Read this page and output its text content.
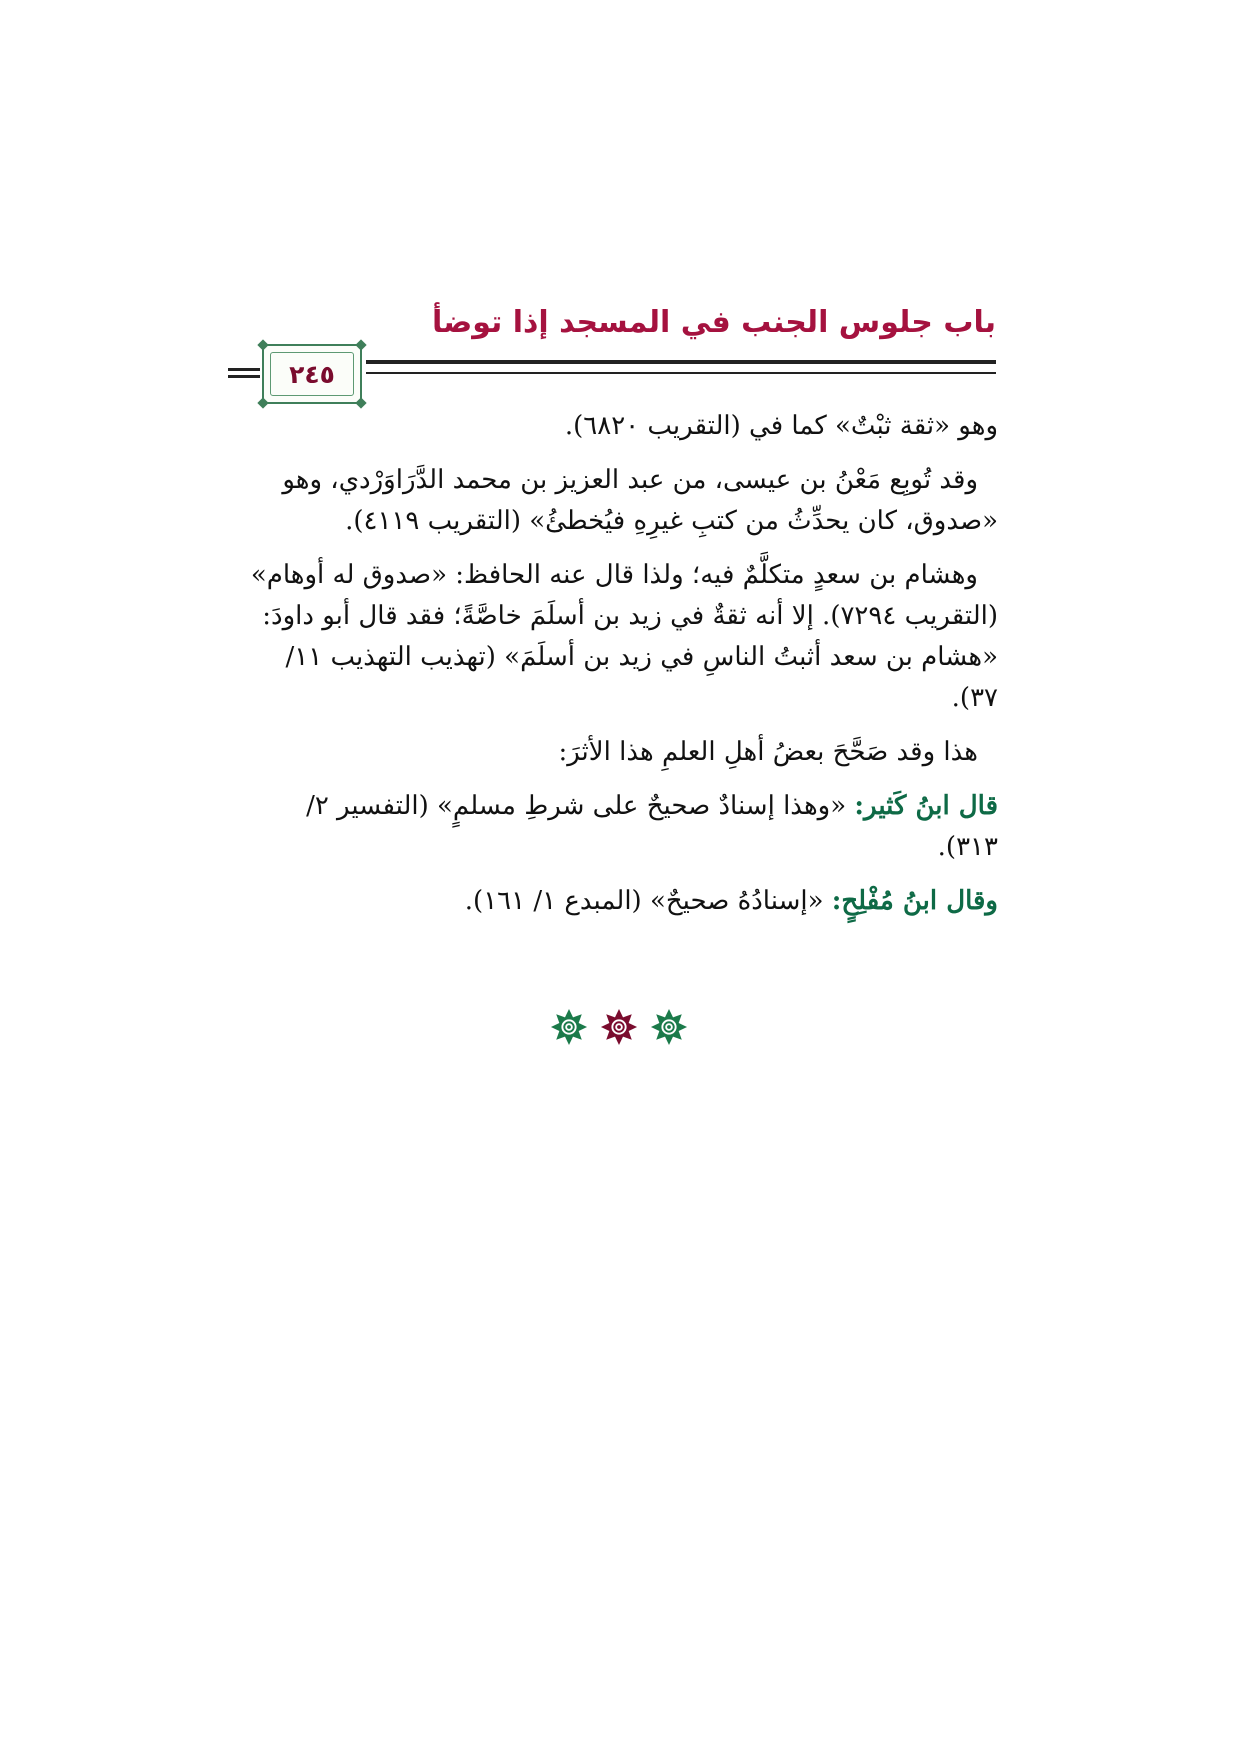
باب جلوس الجنب في المسجد إذا توضأ
٢٤٥

وهو «ثقة ثبْتٌ» كما في (التقريب ٦٨٢٠).

وقد تُوبِع مَعْنُ بن عيسى، من عبد العزيز بن محمد الدَّرَاوَرْدي، وهو «صدوق، كان يحدِّثُ من كتبِ غيرِهِ فيُخطئُ» (التقريب ٤١١٩).

وهشام بن سعدٍ متكلَّمٌ فيه؛ ولذا قال عنه الحافظ: «صدوق له أوهام» (التقريب ٧٢٩٤). إلا أنه ثقةٌ في زيد بن أسلَمَ خاصَّةً؛ فقد قال أبو داودَ: «هشام بن سعد أثبتُ الناسِ في زيد بن أسلَمَ» (تهذيب التهذيب ١١/ ٣٧).

هذا وقد صَحَّحَ بعضُ أهلِ العلمِ هذا الأثرَ:

قال ابنُ كَثير: «وهذا إسنادٌ صحيحٌ على شرطِ مسلمٍ» (التفسير ٢/ ٣١٣).

وقال ابنُ مُفْلِحٍ: «إسنادُهُ صحيحٌ» (المبدع ١/ ١٦١).
